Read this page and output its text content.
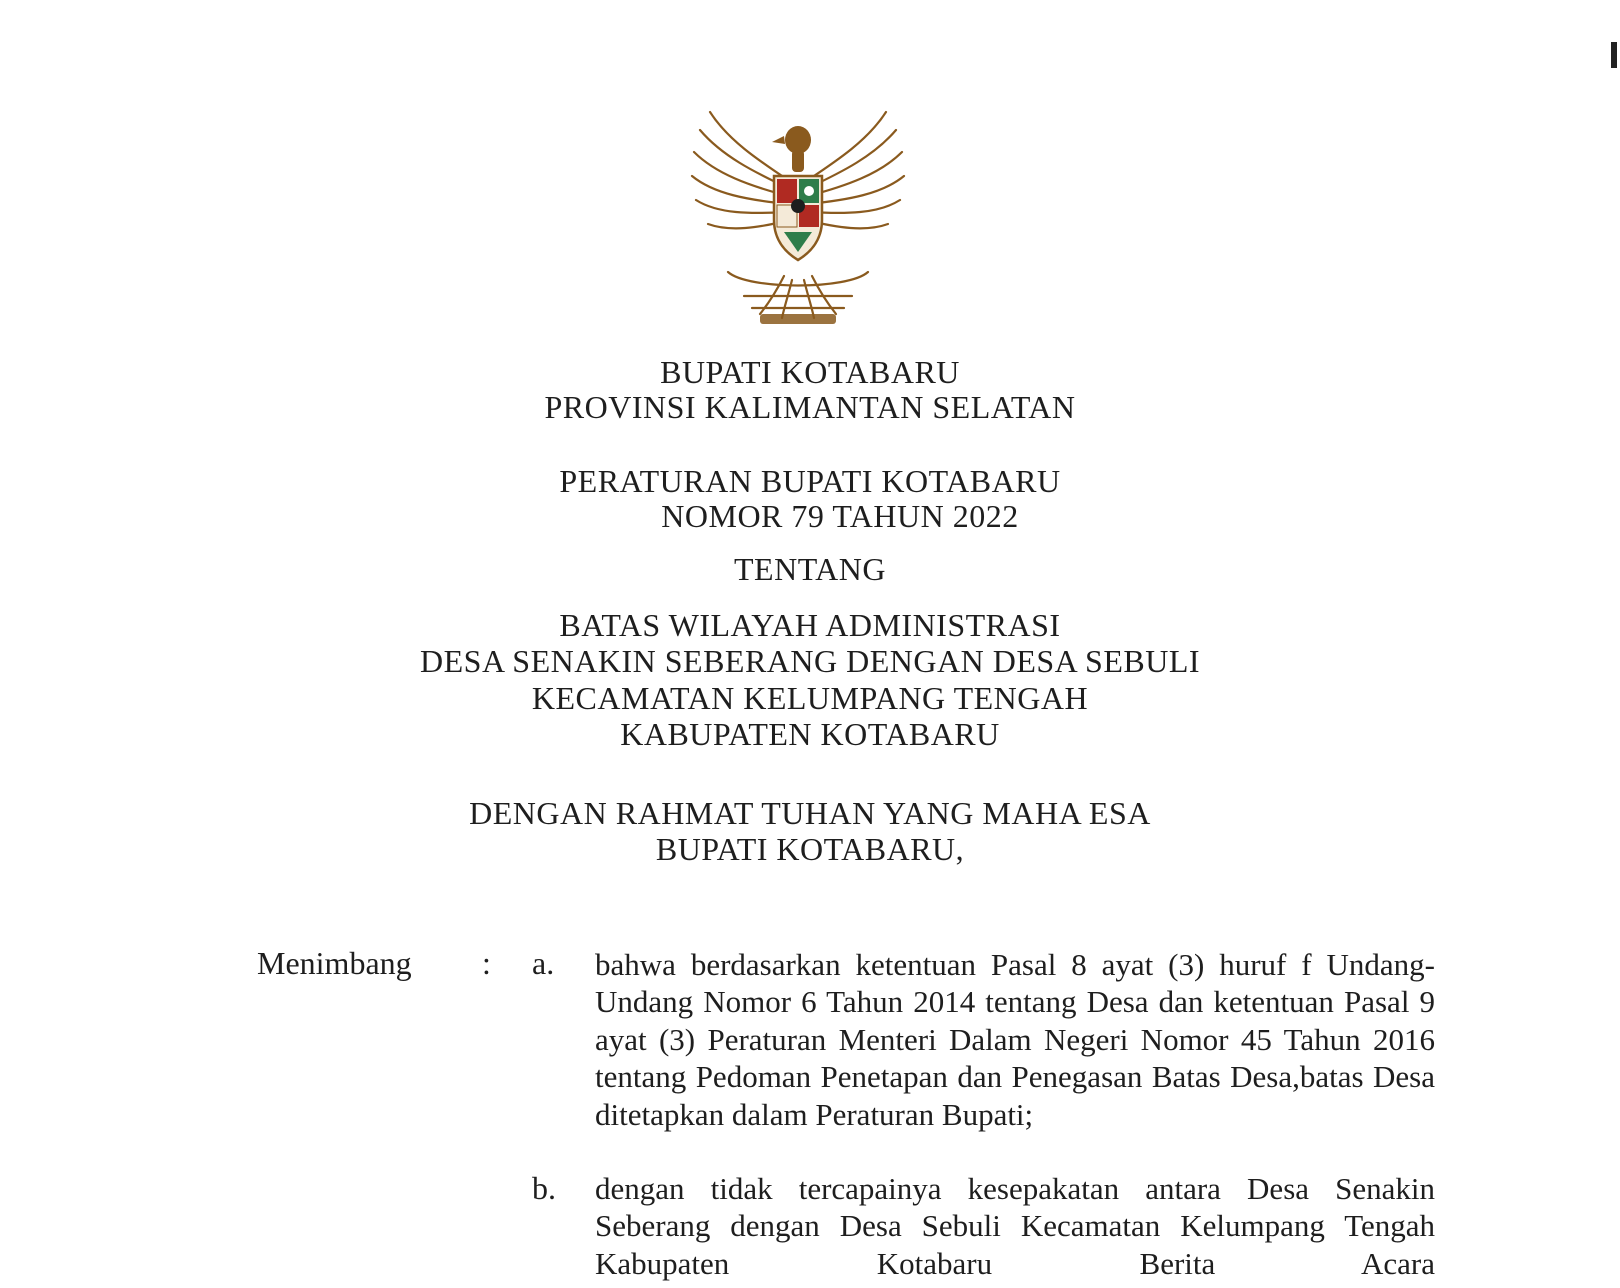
BUPATI KOTABARU
PROVINSI KALIMANTAN SELATAN
PERATURAN BUPATI KOTABARU
NOMOR 79 TAHUN 2022
TENTANG
BATAS WILAYAH ADMINISTRASI
DESA SENAKIN SEBERANG DENGAN DESA SEBULI
KECAMATAN KELUMPANG TENGAH
KABUPATEN KOTABARU
DENGAN RAHMAT TUHAN YANG MAHA ESA
BUPATI KOTABARU,
Menimbang : a. bahwa berdasarkan ketentuan Pasal 8 ayat (3) huruf f Undang-Undang Nomor 6 Tahun 2014 tentang Desa dan ketentuan Pasal 9 ayat (3) Peraturan Menteri Dalam Negeri Nomor 45 Tahun 2016 tentang Pedoman Penetapan dan Penegasan Batas Desa,batas Desa ditetapkan dalam Peraturan Bupati;
b. dengan tidak tercapainya kesepakatan antara Desa Senakin Seberang dengan Desa Sebuli Kecamatan Kelumpang Tengah Kabupaten Kotabaru Berita Acara
